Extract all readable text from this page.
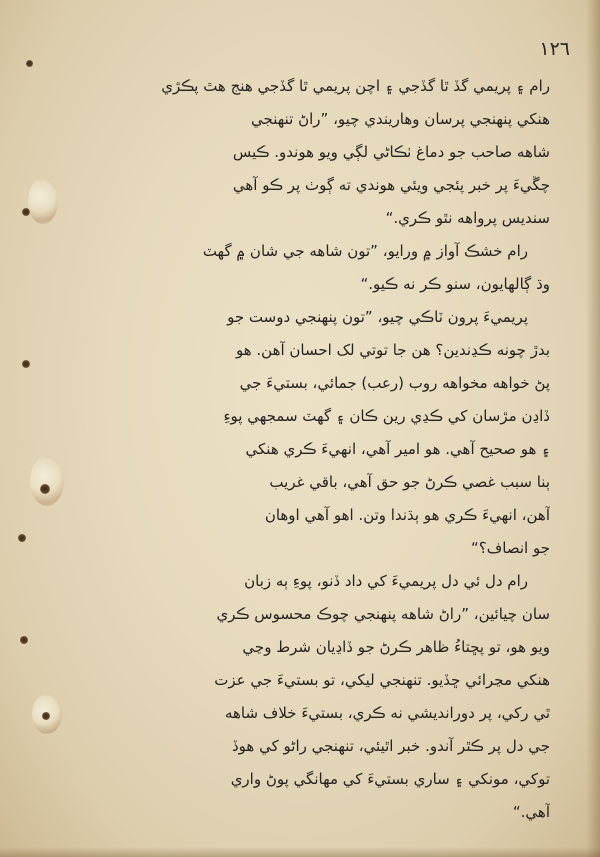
١٢٦
رام ۽ پريمي گڏ ٿا گڏجي ۽ اچن پريمي ٿا گڏجي هنج هٿ پڪڙي
هنکي پنهنجي پرسان وهاريندي چيو، ”راڻ تنهنجي
شاهه صاحب جو دماغ ٺڪاڻي لڳي ويو هوندو. ڪيس
چڱيءَ پر خبر پئجي ويئي هوندي ته ڳوٺ پر ڪو آهي
سنديس پرواهه نٿو ڪري.“
رام خشڪ آواز ۾ ورايو، ”تون شاهه جي شان ۾ گهٽ
وڌ ڳالهايون، سنو ڪر نه ڪيو.“
پريميءَ پرون ٽاڪي چيو، ”تون پنهنجي دوست جو
بدڙ چونه ڪڍندين؟ هن جا توتي لک احسان آهن. هو
پڻ خواهه مخواهه روب (رعب) جمائي، بستيءَ جي
ڏاڍن مڙسان کي ڪڍي رين ڪان ۽ گهٽ سمجهي پوءِ
۽ هو صحيح آهي. هو امير آهي، انهيءَ ڪري هنکي
ٻنا سبب غصي ڪرڻ جو حق آهي، باقي غريب
آهن، انهيءَ ڪري هو ٻڌندا وتن. اهو آهي اوهان
جو انصاف؟“
رام دل ئي دل پريميءَ کي داد ڏنو، پوءِ ٻه زبان
سان چيائين، ”راڻ شاهه پنهنجي چوڪ محسوس ڪري
ويو هو، تو پڇتاءُ ظاهر ڪرڻ جو ڏاڍيان شرط وڃي
هنکي مڃرائي ڇڏيو. تنهنجي ليکي، تو بستيءَ جي عزت
ٿي رکي، پر دورانديشي نه ڪري، بستيءَ خلاف شاهه
جي دل پر ڪٿر آندو. خبر اٿيئي، تنهنجي راڻو کي هوڏ
توکي، مونکي ۽ ساري بستيءَ کي مهانگي پوڻ واري
آهي.“
